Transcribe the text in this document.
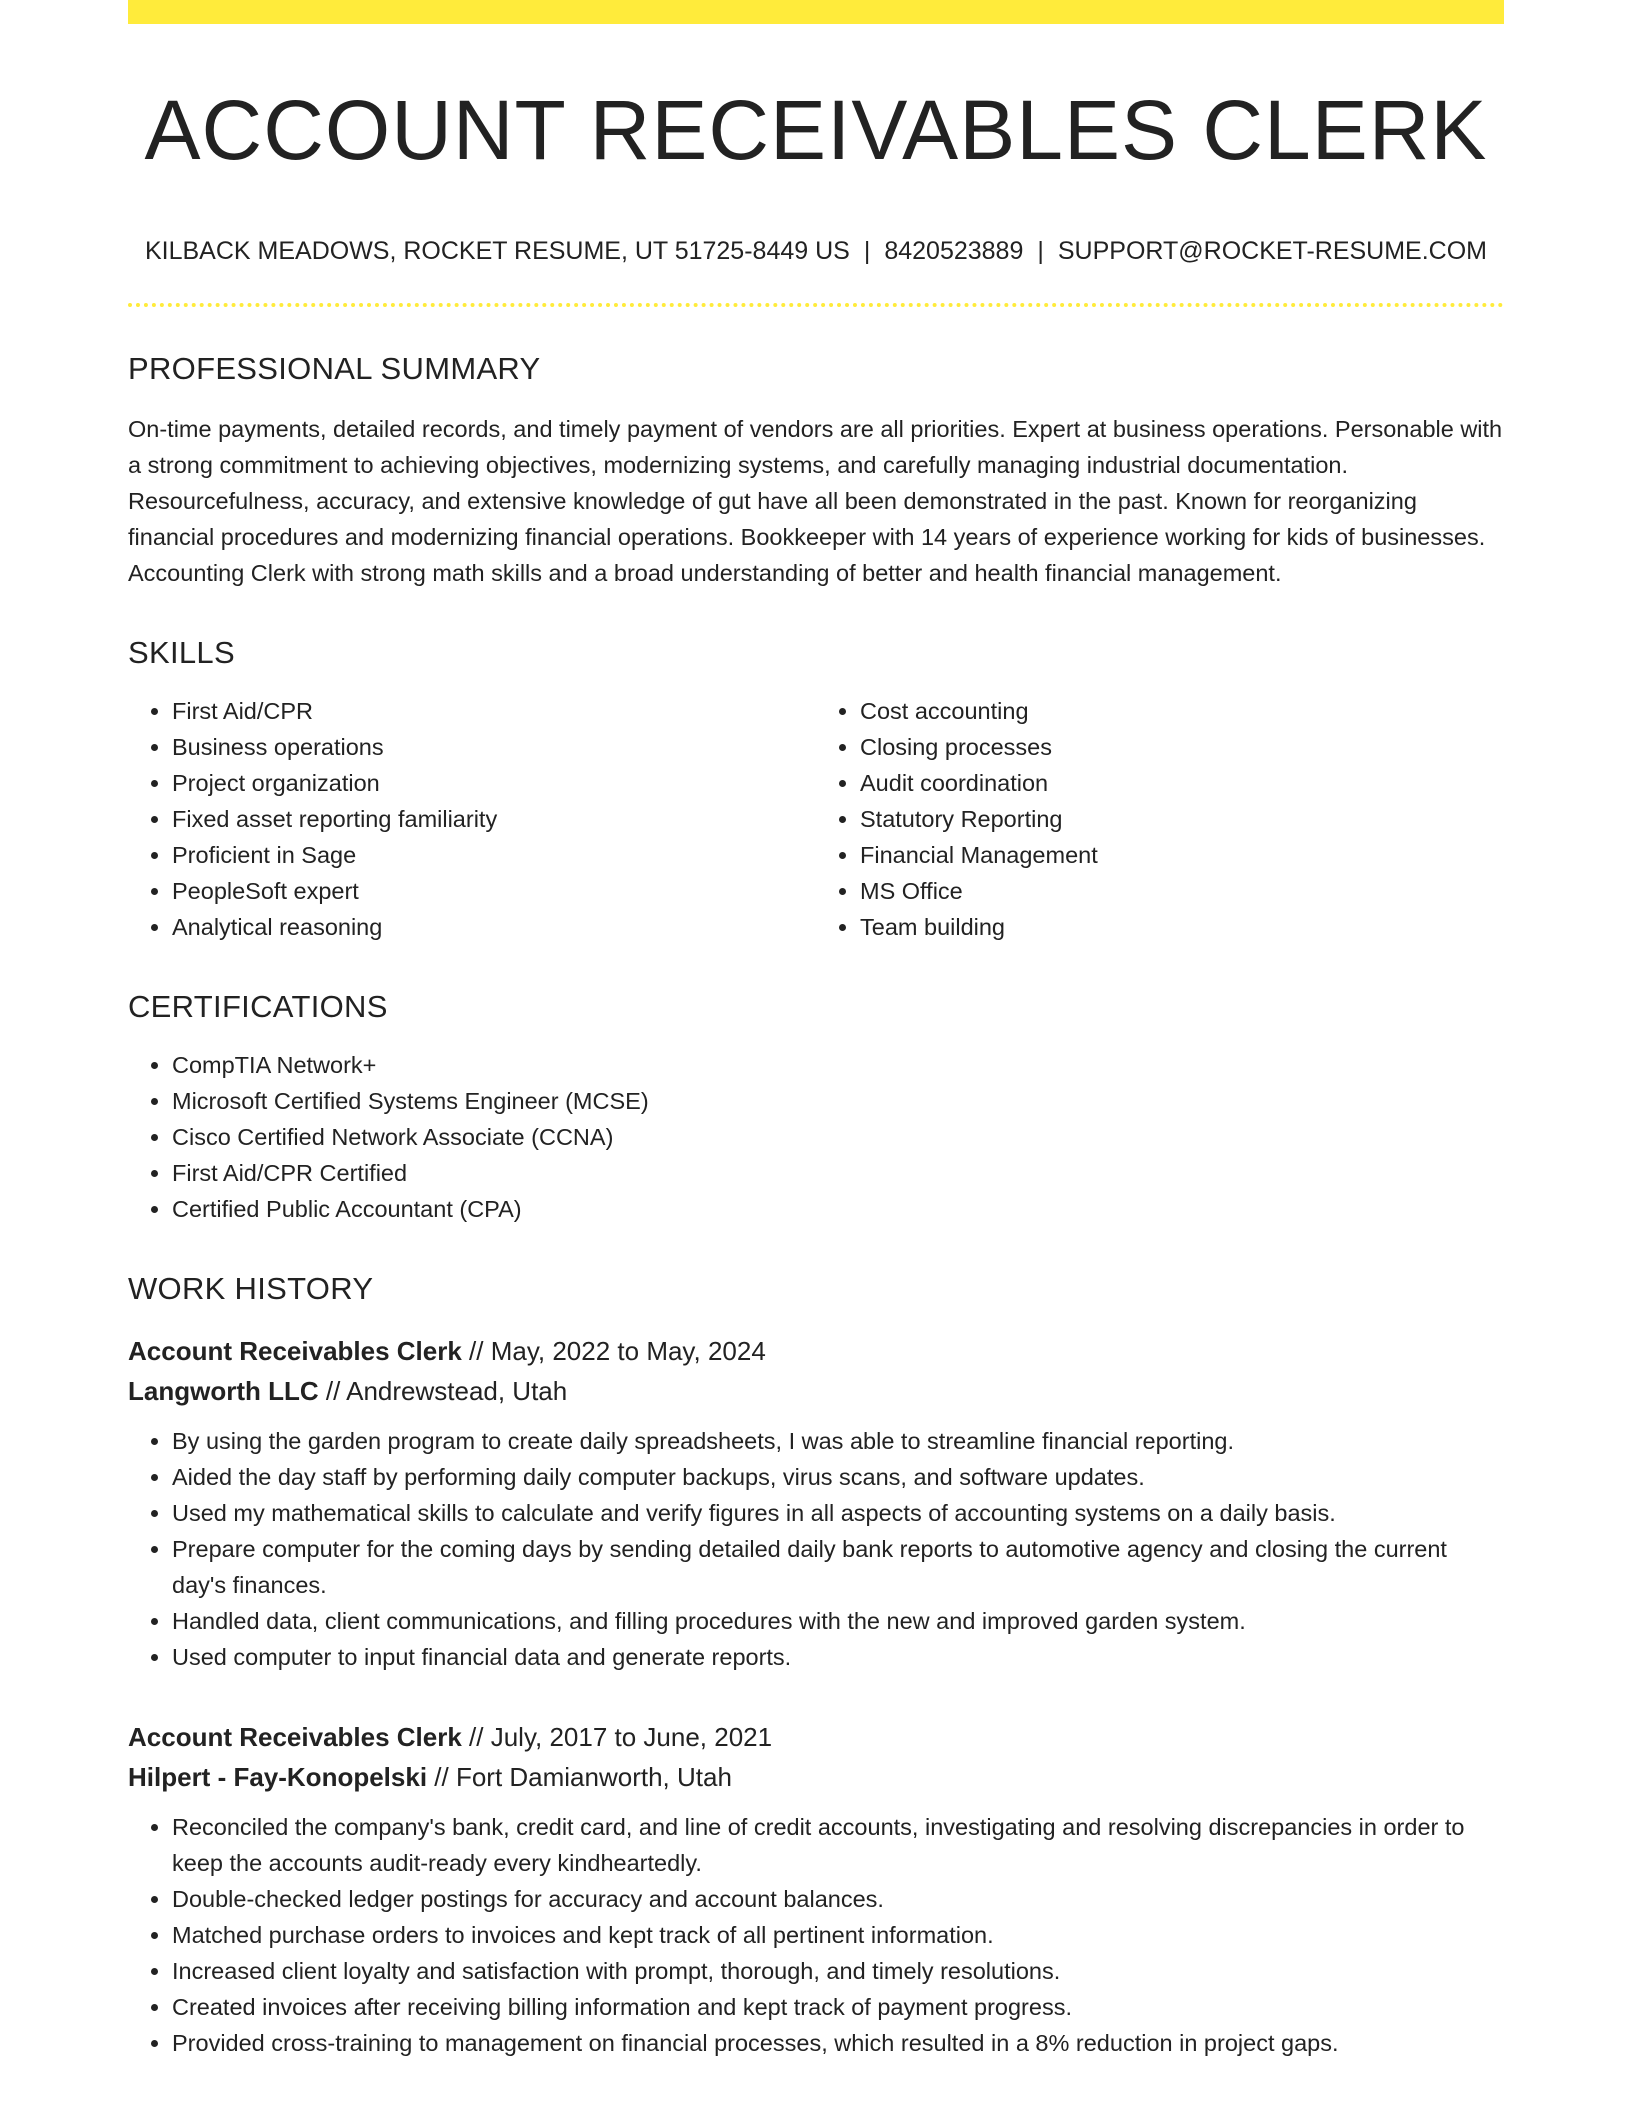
ACCOUNT RECEIVABLES CLERK
KILBACK MEADOWS, ROCKET RESUME, UT 51725-8449 US | 8420523889 | SUPPORT@ROCKET-RESUME.COM
PROFESSIONAL SUMMARY

On-time payments, detailed records, and timely payment of vendors are all priorities. Expert at business operations. Personable with a strong commitment to achieving objectives, modernizing systems, and carefully managing industrial documentation. Resourcefulness, accuracy, and extensive knowledge of gut have all been demonstrated in the past. Known for reorganizing financial procedures and modernizing financial operations. Bookkeeper with 14 years of experience working for kids of businesses. Accounting Clerk with strong math skills and a broad understanding of better and health financial management.

SKILLS
• First Aid/CPR
• Business operations
• Project organization
• Fixed asset reporting familiarity
• Proficient in Sage
• PeopleSoft expert
• Analytical reasoning
• Cost accounting
• Closing processes
• Audit coordination
• Statutory Reporting
• Financial Management
• MS Office
• Team building
CERTIFICATIONS
• CompTIA Network+
• Microsoft Certified Systems Engineer (MCSE)
• Cisco Certified Network Associate (CCNA)
• First Aid/CPR Certified
• Certified Public Accountant (CPA)
WORK HISTORY
Account Receivables Clerk // May, 2022 to May, 2024
Langworth LLC // Andrewstead, Utah
• By using the garden program to create daily spreadsheets, I was able to streamline financial reporting.
• Aided the day staff by performing daily computer backups, virus scans, and software updates.
• Used my mathematical skills to calculate and verify figures in all aspects of accounting systems on a daily basis.
• Prepare computer for the coming days by sending detailed daily bank reports to automotive agency and closing the current day's finances.
• Handled data, client communications, and filling procedures with the new and improved garden system.
• Used computer to input financial data and generate reports.
Account Receivables Clerk // July, 2017 to June, 2021
Hilpert - Fay-Konopelski // Fort Damianworth, Utah
• Reconciled the company's bank, credit card, and line of credit accounts, investigating and resolving discrepancies in order to keep the accounts audit-ready every kindheartedly.
• Double-checked ledger postings for accuracy and account balances.
• Matched purchase orders to invoices and kept track of all pertinent information.
• Increased client loyalty and satisfaction with prompt, thorough, and timely resolutions.
• Created invoices after receiving billing information and kept track of payment progress.
• Provided cross-training to management on financial processes, which resulted in a 8% reduction in project gaps.
